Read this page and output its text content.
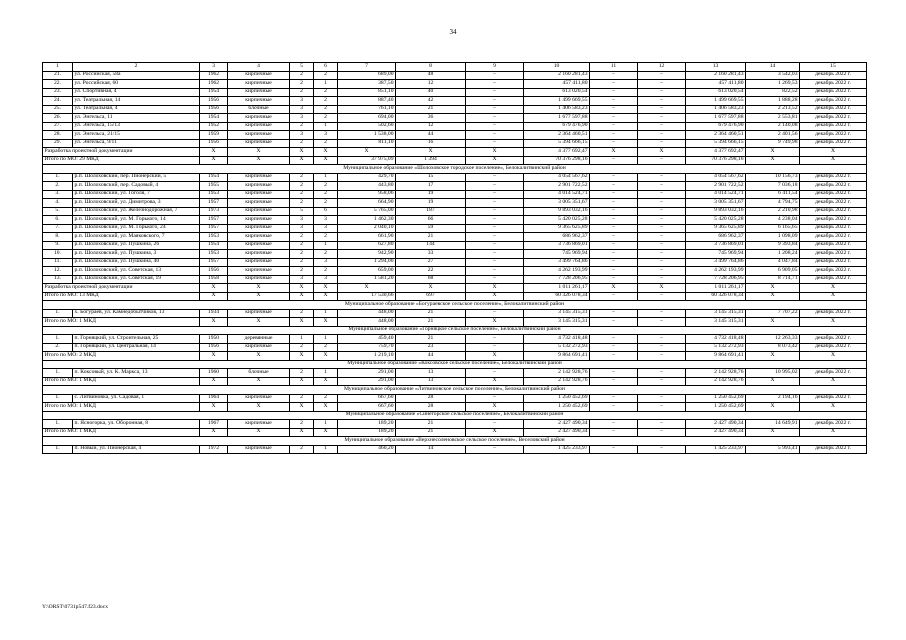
34
1	2	3	4	5	6	7	8	9	10	11	12	13	14	15
21.	ул. Российская, 58а	1962	кирпичные	2	2	689,00	48	–	2 160 281,43	–	–	2 160 281,43	3 542,03	декабрь 2022 г.
22.	ул. Российская, 60	1962	кирпичные	2	1	387,50	12	–	457 411,80	–	–	457 411,80	1 269,53	декабрь 2022 г.
23.	ул. Спортивная, 4	1954	кирпичные	2	2	851,10	40	–	613 020,54	–	–	613 020,54	822,52	декабрь 2022 г.
24.	ул. Театральная, 14	1956	кирпичные	3	2	887,40	42	–	1 499 669,55	–	–	1 499 669,55	1 888,28	декабрь 2022 г.
25.	ул. Театральная, 4	1956	блочные	3	2	761,10	21	–	1 406 583,23	–	–	1 406 583,23	2 213,52	декабрь 2022 г.
26.	ул. Энгельса, 11	1954	кирпичные	3	2	694,00	36	–	1 677 597,88	–	–	1 677 597,88	2 553,81	декабрь 2022 г.
27.	ул. Энгельса, 15/13	1952	кирпичные	2	1	502,60	12	–	679 476,90	–	–	679 476,90	2 140,08	декабрь 2022 г.
28.	ул. Энгельса, 21/15	1959	кирпичные	3	3	1 538,00	44	–	2 364 460,51	–	–	2 364 460,51	2 401,56	декабрь 2022 г.
29.	ул. Энгельса, 9/11	1956	кирпичные	2	2	811,10	16	–	5 394 666,15	–	–	5 394 666,15	9 749,98	декабрь 2022 г.
Разработка проектной документации		X	X	X	X	X	X	X	4 377 692,47	X	X	4 377 692,47	X	X
Итого по МО: 29 МКД		X	X	X	X	37 975,09	1 394	X	70 376 298,16	–	–	70 376 298,16	X	X
Муниципальное образование «Шолоховское городское поселение», Белокалитвинский район														
1.	р.п. Шолоховский, пер. Пионерский, 5	1954	кирпичные	2	1	429,70	15	–	4 054 567,62	–	–	4 054 567,62	10 156,73	декабрь 2022 г.
2.	р.п. Шолоховский, пер. Садовый, 4	1955	кирпичные	2	2	443,80	17	–	2 901 722,52	–	–	2 901 722,52	7 036,18	декабрь 2022 г.
3.	р.п. Шолоховский, ул. Гоголя, 7	1953	кирпичные	2	2	958,06	19	–	4 014 524,71	–	–	4 014 524,71	6 411,54	декабрь 2022 г.
4.	р.п. Шолоховский, ул. Димитрова, 3	1957	кирпичные	2	2	664,90	19	–	3 005 351,67	–	–	3 005 351,67	4 794,75	декабрь 2022 г.
5.	р.п. Шолоховский, ул. Железнодорожная, 7	1973	кирпичные	5	6	5 765,00	187	–	9 893 032,16	–	–	9 893 032,16	2 210,98	декабрь 2022 г.
6.	р.п. Шолоховский, ул. М. Горького, 14	1957	кирпичные	3	3	1 462,30	66	–	5 420 025,28	–	–	5 420 025,28	4 238,04	декабрь 2022 г.
7.	р.п. Шолоховский, ул. М. Горького, 24	1957	кирпичные	3	3	2 040,10	59	–	9 365 625,89	–	–	9 365 625,89	6 165,65	декабрь 2022 г.
8.	р.п. Шолоховский, ул. Маяковского, 7	1953	кирпичные	2	2	661,90	21	–	686 962,37	–	–	686 962,37	1 098,09	декабрь 2022 г.
9.	р.п. Шолоховский, ул. Пушкина, 26	1954	кирпичные	2	1	627,80	144	–	3 736 869,01	–	–	3 736 869,01	9 393,84	декабрь 2022 г.
10.	р.п. Шолоховский, ул. Пушкина, 3	1953	кирпичные	2	2	942,90	33	–	745 969,94	–	–	745 969,94	1 208,24	декабрь 2022 г.
11.	р.п. Шолоховский, ул. Пушкина, 40	1957	кирпичные	2	3	1 294,00	27	–	3 499 764,86	–	–	3 499 764,86	4 047,84	декабрь 2022 г.
12.	р.п. Шолоховский, ул. Советская, 13	1956	кирпичные	2	2	659,00	22	–	4 262 193,99	–	–	4 262 193,99	6 909,05	декабрь 2022 г.
13.	р.п. Шолоховский, ул. Советская, 19	1958	кирпичные	3	3	1 581,20	68	–	7 728 206,95	–	–	7 728 206,95	8 714,71	декабрь 2022 г.
Разработка проектной документации		X	X	X	X	X	X	X	1 011 261,17	X	X	1 011 261,17	X	X
Итого по МО: 13 МКД		X	X	X	X	17 530,66	697	X	60 326 078,34	–	–	60 326 078,34	X	X
Муниципальное образование «Богураевское сельское поселение», Белокалитвинский район														
1.	х. Богураев, ул. Камнедобытчиков, 13	1934	кирпичные	2	1	448,00	21	–	3 145 315,31	–	–	3 145 315,31	7 707,22	декабрь 2022 г.
Итого по МО: 1 МКД		X	X	X	X	448,00	21	X	3 145 315,31	–	–	3 145 315,31	X	X
Муниципальное образование «Горняцкое сельское поселение», Белокалитвинский район														
1.	п. Горняцкий, ул. Строительная, 25	1950	деревянные	1	1	459,40	21	–	4 732 418,48	–	–	4 732 418,48	12 263,33	декабрь 2022 г.
2.	п. Горняцкий, ул. Центральная, 14	1956	кирпичные	2	2	759,70	23	–	5 132 272,93	–	–	5 132 272,93	8 073,42	декабрь 2022 г.
Итого по МО: 2 МКД		X	X	X	X	1 219,10	44	X	9 864 691,41	–	–	9 864 691,41	X	X
Муниципальное образование «Коксовское сельское поселение», Белокалитвинский район														
1.	п. Коксовый, ул. К. Маркса, 13	1960	блочные	2	1	291,00	13	–	2 142 928,76	–	–	2 142 928,76	10 995,02	декабрь 2022 г.
Итого по МО: 1 МКД		X	X	X	X	291,00	13	X	2 142 928,76	–	–	2 142 928,76	X	X
Муниципальное образование «Литвиновское сельское поселение», Белокалитвинский район														
1.	с. Литвиновка, ул. Садовая, 1	1964	кирпичные	2	2	667,60	28	–	1 250 452,69	–	–	1 250 452,69	2 194,16	декабрь 2022 г.
Итого по МО: 1 МКД		X	X	X	X	667,60	28	X	1 250 452,69	–	–	1 250 452,69	X	X
Муниципальное образование «Синегорское сельское поселение», Белокалитвинский район														
1.	п. Ясногорка, ул. Оборонная, 8	1967	кирпичные	2	1	189,20	21	–	2 427 490,34	–	–	2 427 490,34	14 649,91	декабрь 2022 г.
Итого по МО: 1 МКД		X	X	X	X	189,20	21	X	2 427 490,34	–	–	2 427 490,34	X	X
Муниципальное образование «Верхнесоленовское сельское поселение», Веселовский район														
1.	п. Новый, ул. Пионерская, 4	1972	кирпичные	2	1	460,20	14	–	1 425 233,97	–	–	1 425 233,97	5 993,41	декабрь 2022 г.
Y:\ORST\0731p547.f23.docx
